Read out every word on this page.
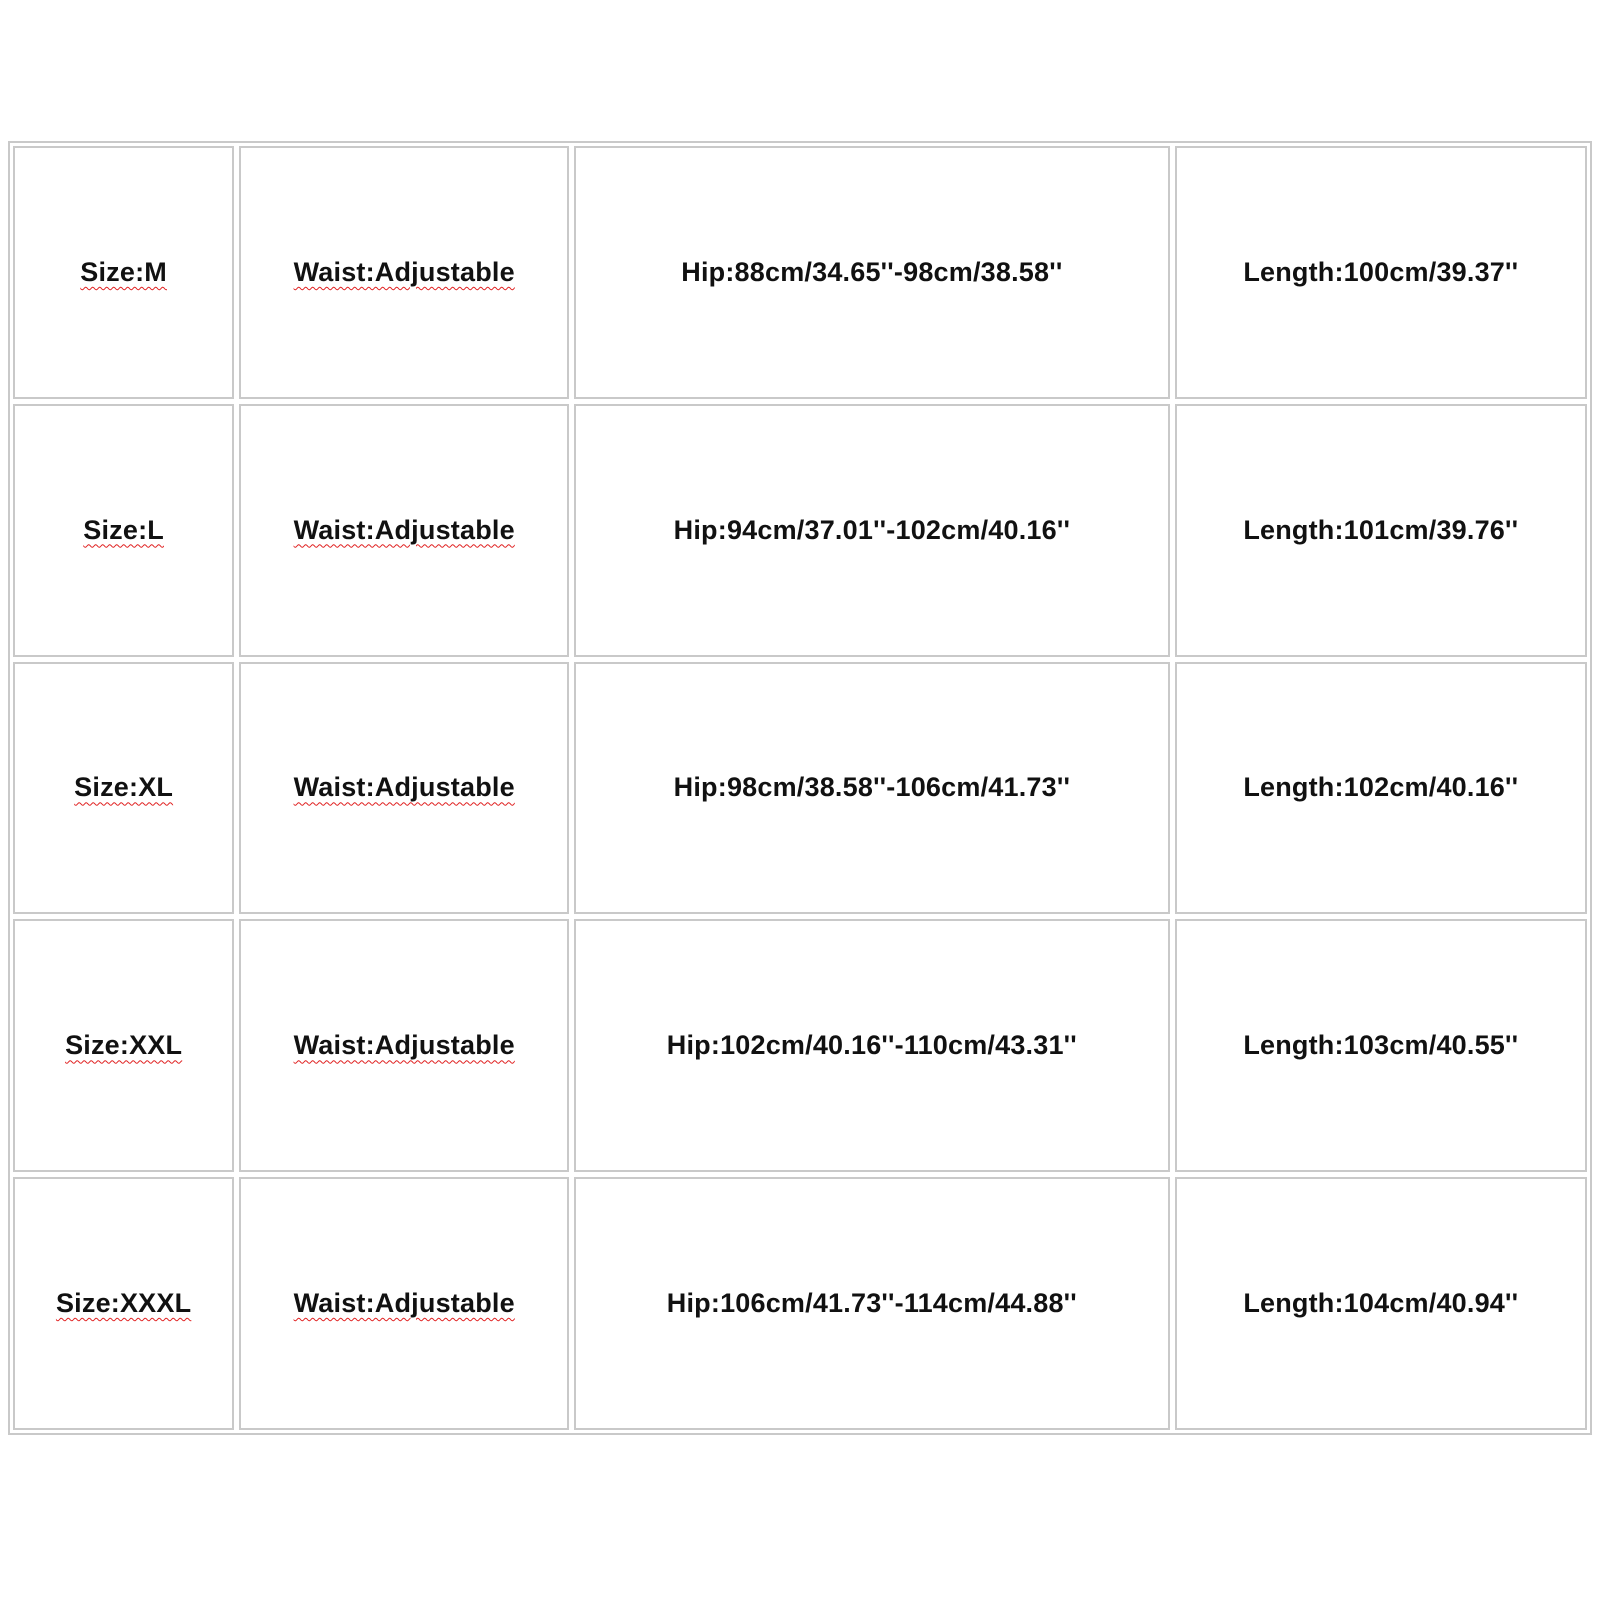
Size:M	Waist:Adjustable	Hip:88cm/34.65''-98cm/38.58''	Length:100cm/39.37''
Size:L	Waist:Adjustable	Hip:94cm/37.01''-102cm/40.16''	Length:101cm/39.76''
Size:XL	Waist:Adjustable	Hip:98cm/38.58''-106cm/41.73''	Length:102cm/40.16''
Size:XXL	Waist:Adjustable	Hip:102cm/40.16''-110cm/43.31''	Length:103cm/40.55''
Size:XXXL	Waist:Adjustable	Hip:106cm/41.73''-114cm/44.88''	Length:104cm/40.94''
